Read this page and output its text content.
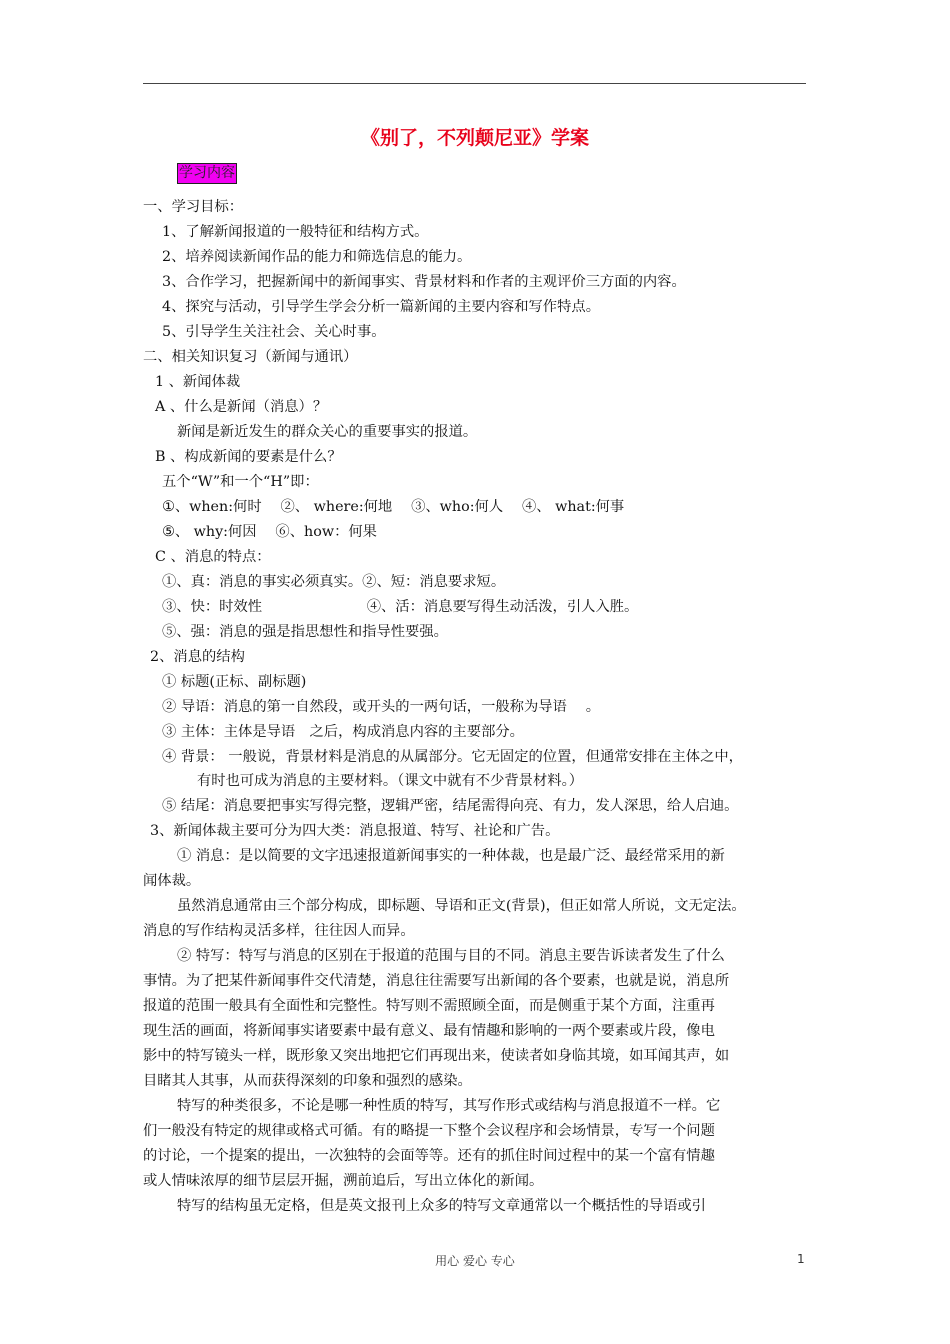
《别了，不列颠尼亚》学案
学习内容
一、学习目标：
1、了解新闻报道的一般特征和结构方式。
2、培养阅读新闻作品的能力和筛选信息的能力。
3、合作学习，把握新闻中的新闻事实、背景材料和作者的主观评价三方面的内容。
4、探究与活动，引导学生学会分析一篇新闻的主要内容和写作特点。
5、引导学生关注社会、关心时事。
二、相关知识复习（新闻与通讯）
1 、新闻体裁
A 、什么是新闻（消息）？
新闻是新近发生的群众关心的重要事实的报道。
B 、构成新闻的要素是什么？
五个“W”和一个“H”即：
①、when:何时　 ②、 where:何地　 ③、who:何人　 ④、 what:何事
⑤、 why:何因　 ⑥、how：何果
C 、消息的特点：
①、真：消息的事实必须真实。②、短：消息要求短。
③、快：时效性　　　　　　　 ④、活：消息要写得生动活泼，引人入胜。
⑤、强：消息的强是指思想性和指导性要强。
2、消息的结构
① 标题(正标、副标题)
② 导语：消息的第一自然段，或开头的一两句话，一般称为导语　 。
③ 主体：主体是导语　之后，构成消息内容的主要部分。
④ 背景： 一般说，背景材料是消息的从属部分。它无固定的位置，但通常安排在主体之中，
有时也可成为消息的主要材料。（课文中就有不少背景材料。）
⑤ 结尾：消息要把事实写得完整，逻辑严密，结尾需得向亮、有力，发人深思，给人启迪。
3、新闻体裁主要可分为四大类：消息报道、特写、社论和广告。
① 消息：是以简要的文字迅速报道新闻事实的一种体裁，也是最广泛、最经常采用的新
闻体裁。
虽然消息通常由三个部分构成，即标题、导语和正文(背景)，但正如常人所说，文无定法。
消息的写作结构灵活多样，往往因人而异。
② 特写：特写与消息的区别在于报道的范围与目的不同。消息主要告诉读者发生了什么
事情。为了把某件新闻事件交代清楚，消息往往需要写出新闻的各个要素，也就是说，消息所
报道的范围一般具有全面性和完整性。特写则不需照顾全面，而是侧重于某个方面，注重再
现生活的画面，将新闻事实诸要素中最有意义、最有情趣和影响的一两个要素或片段，像电
影中的特写镜头一样，既形象又突出地把它们再现出来，使读者如身临其境，如耳闻其声，如
目睹其人其事，从而获得深刻的印象和强烈的感染。
特写的种类很多，不论是哪一种性质的特写，其写作形式或结构与消息报道不一样。它
们一般没有特定的规律或格式可循。有的略提一下整个会议程序和会场情景，专写一个问题
的讨论，一个提案的提出，一次独特的会面等等。还有的抓住时间过程中的某一个富有情趣
或人情味浓厚的细节层层开掘，溯前追后，写出立体化的新闻。
特写的结构虽无定格，但是英文报刊上众多的特写文章通常以一个概括性的导语或引
用心 爱心 专心	1
